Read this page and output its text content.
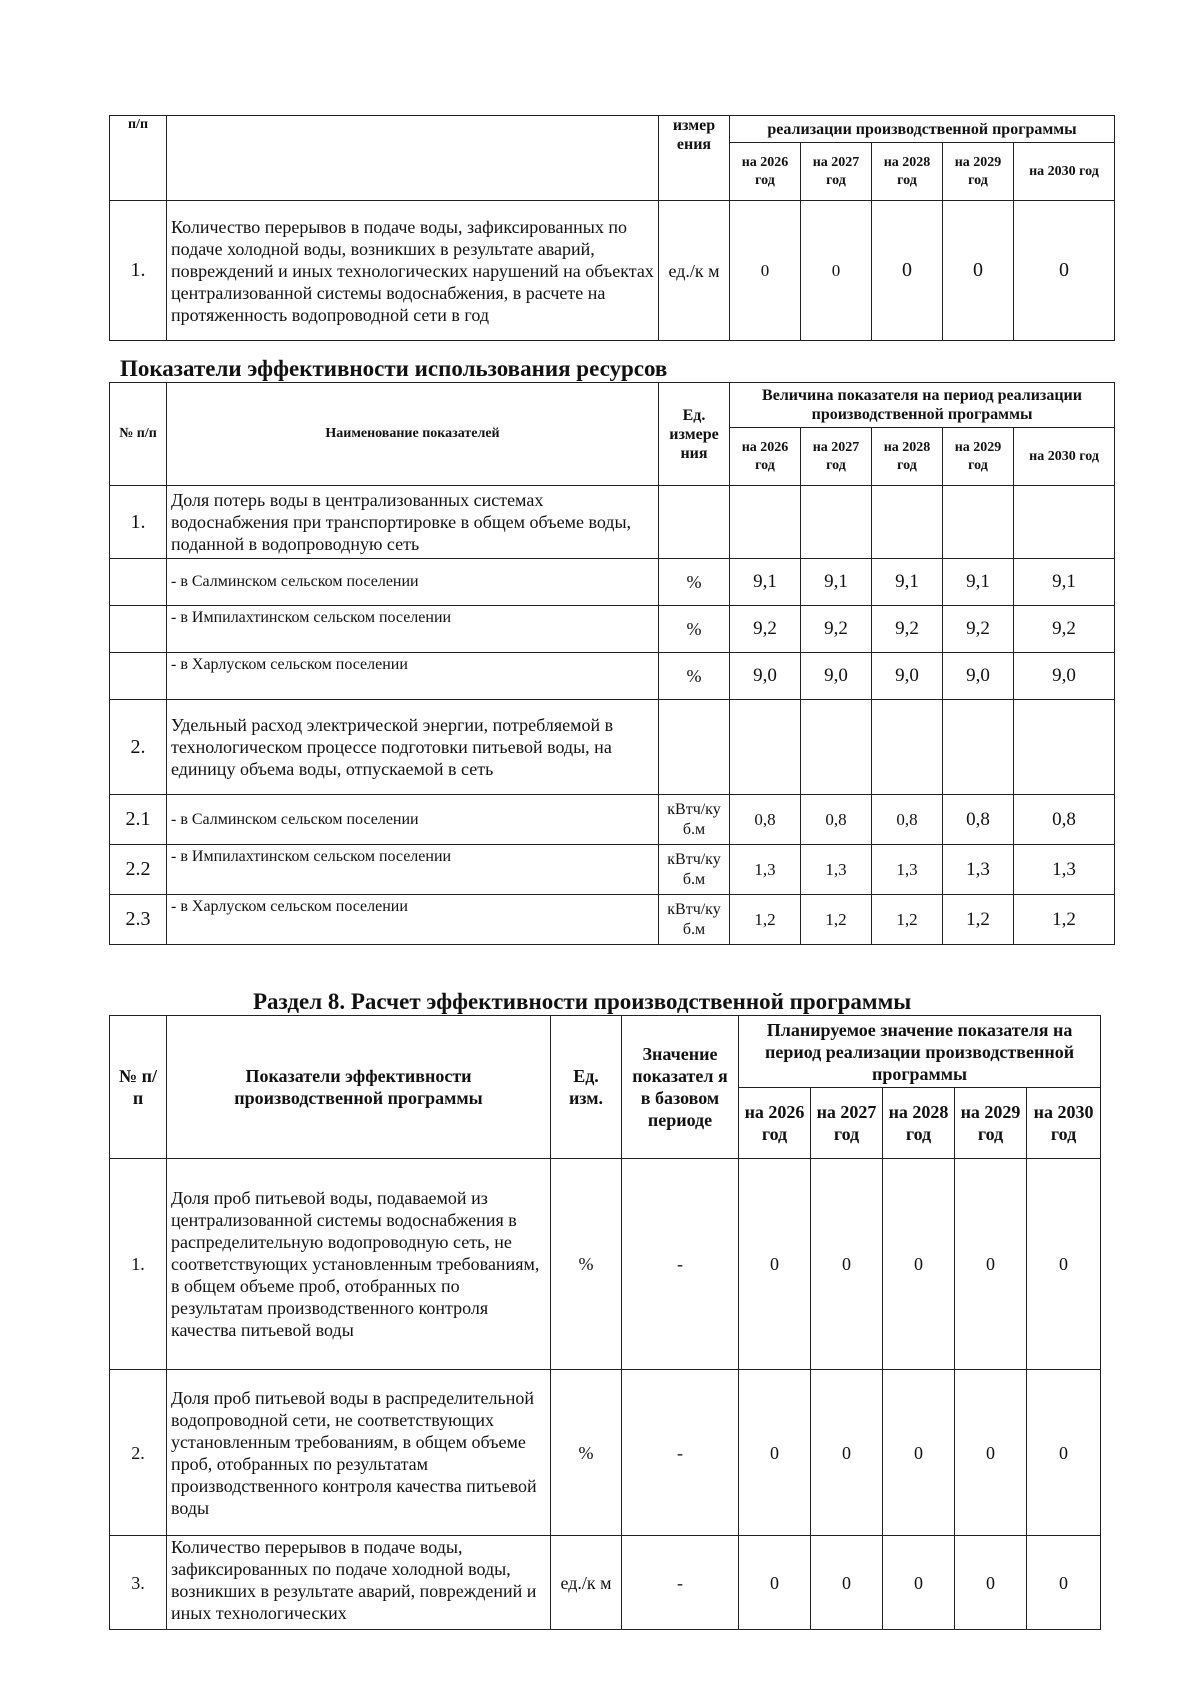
п/п		измер ения	реализации производственной программы				
			на 2026 год	на 2027 год	на 2028 год	на 2029 год	на 2030 год
1.	Количество перерывов в подаче воды, зафиксированных по подаче холодной воды, возникших в результате аварий, повреждений и иных технологических нарушений на объектах централизованной системы водоснабжения, в расчете на протяженность водопроводной сети в год	ед./к м	0	0	0	0	0
Показатели эффективности использования ресурсов
№ п/п	Наименование показателей	Ед. измере ния	Величина показателя на период реализации производственной программы				
			на 2026 год	на 2027 год	на 2028 год	на 2029 год	на 2030 год
1.	Доля потерь воды в централизованных системах водоснабжения при транспортировке в общем объеме воды, поданной в водопроводную сеть						
	- в Салминском сельском поселении	%	9,1	9,1	9,1	9,1	9,1
	- в Импилахтинском сельском поселении	%	9,2	9,2	9,2	9,2	9,2
	- в Харлуском сельском поселении	%	9,0	9,0	9,0	9,0	9,0
2.	Удельный расход электрической энергии, потребляемой в технологическом процессе подготовки питьевой воды, на единицу объема воды, отпускаемой в сеть						
2.1	- в Салминском сельском поселении	кВтч/ку б.м	0,8	0,8	0,8	0,8	0,8
2.2	- в Импилахтинском сельском поселении	кВтч/ку б.м	1,3	1,3	1,3	1,3	1,3
2.3	- в Харлуском сельском поселении	кВтч/ку б.м	1,2	1,2	1,2	1,2	1,2
Раздел 8. Расчет эффективности производственной программы
№ п/п	Показатели эффективности производственной программы	Ед. изм.	Значение показател я в базовом периоде	Планируемое значение показателя на период реализации производственной программы				
				на 2026 год	на 2027 год	на 2028 год	на 2029 год	на 2030 год
1.	Доля проб питьевой воды, подаваемой из централизованной системы водоснабжения в распределительную водопроводную сеть, не соответствующих установленным требованиям, в общем объеме проб, отобранных по результатам производственного контроля качества питьевой воды	%	-	0	0	0	0	0
2.	Доля проб питьевой воды в распределительной водопроводной сети, не соответствующих установленным требованиям, в общем объеме проб, отобранных по результатам производственного контроля качества питьевой воды	%	-	0	0	0	0	0
3.	Количество перерывов в подаче воды, зафиксированных по подаче холодной воды, возникших в результате аварий, повреждений и иных технологических	ед./к м	-	0	0	0	0	0
